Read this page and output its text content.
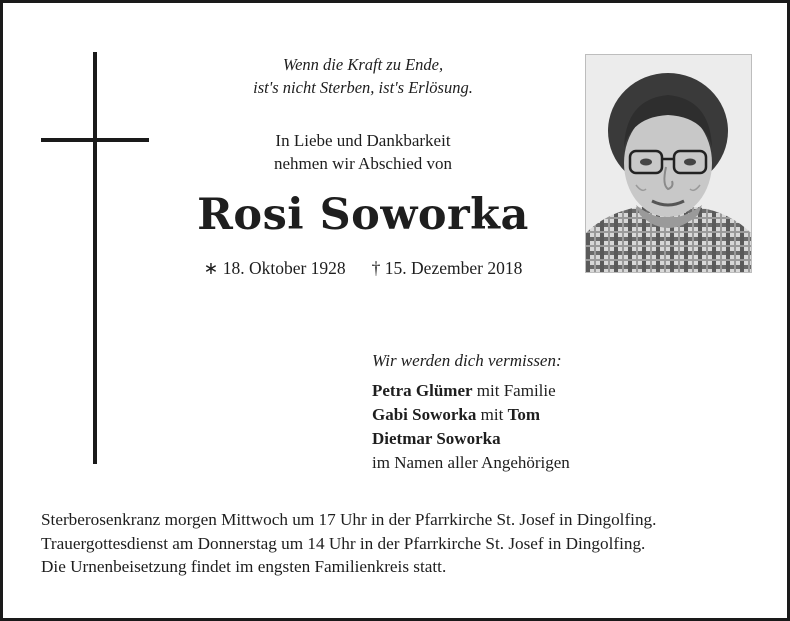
Wenn die Kraft zu Ende,
ist's nicht Sterben, ist's Erlösung.
In Liebe und Dankbarkeit
nehmen wir Abschied von
Rosi Soworka
∗ 18. Oktober 1928 † 15. Dezember 2018
Wir werden dich vermissen:
Petra Glümer mit Familie
Gabi Soworka mit Tom
Dietmar Soworka
im Namen aller Angehörigen
Sterberosenkranz morgen Mittwoch um 17 Uhr in der Pfarrkirche St. Josef in Dingolfing.
Trauergottesdienst am Donnerstag um 14 Uhr in der Pfarrkirche St. Josef in Dingolfing.
Die Urnenbeisetzung findet im engsten Familienkreis statt.
